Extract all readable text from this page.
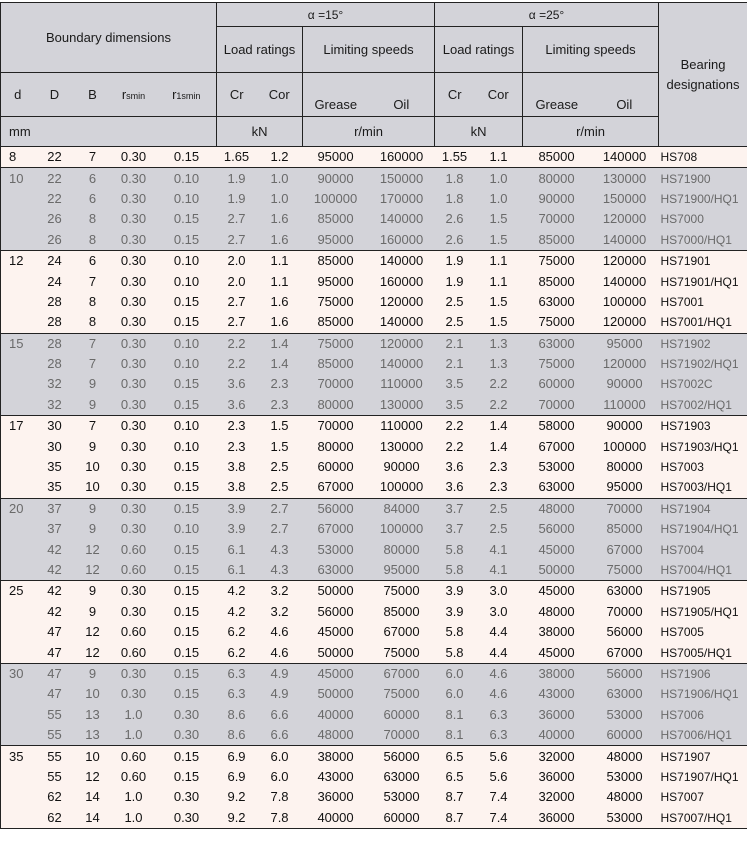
Boundary dimensions					α =15°				α =25°				Bearing designations
					Load ratings		Limiting speeds		Load ratings		Limiting speeds		
d	D	B	rsmin	r1smin	Cr	Cor	Grease	Oil	Cr	Cor	Grease	Oil	
mm					kN		r/min		kN		r/min		
8	22	7	0.30	0.15	1.65	1.2	95000	160000	1.55	1.1	85000	140000	HS708
10	22	6	0.30	0.10	1.9	1.0	90000	150000	1.8	1.0	80000	130000	HS71900
	22	6	0.30	0.10	1.9	1.0	100000	170000	1.8	1.0	90000	150000	HS71900/HQ1
	26	8	0.30	0.15	2.7	1.6	85000	140000	2.6	1.5	70000	120000	HS7000
	26	8	0.30	0.15	2.7	1.6	95000	160000	2.6	1.5	85000	140000	HS7000/HQ1
12	24	6	0.30	0.10	2.0	1.1	85000	140000	1.9	1.1	75000	120000	HS71901
	24	7	0.30	0.10	2.0	1.1	95000	160000	1.9	1.1	85000	140000	HS71901/HQ1
	28	8	0.30	0.15	2.7	1.6	75000	120000	2.5	1.5	63000	100000	HS7001
	28	8	0.30	0.15	2.7	1.6	85000	140000	2.5	1.5	75000	120000	HS7001/HQ1
15	28	7	0.30	0.10	2.2	1.4	75000	120000	2.1	1.3	63000	95000	HS71902
	28	7	0.30	0.10	2.2	1.4	85000	140000	2.1	1.3	75000	120000	HS71902/HQ1
	32	9	0.30	0.15	3.6	2.3	70000	110000	3.5	2.2	60000	90000	HS7002C
	32	9	0.30	0.15	3.6	2.3	80000	130000	3.5	2.2	70000	110000	HS7002/HQ1
17	30	7	0.30	0.10	2.3	1.5	70000	110000	2.2	1.4	58000	90000	HS71903
	30	9	0.30	0.10	2.3	1.5	80000	130000	2.2	1.4	67000	100000	HS71903/HQ1
	35	10	0.30	0.15	3.8	2.5	60000	90000	3.6	2.3	53000	80000	HS7003
	35	10	0.30	0.15	3.8	2.5	67000	100000	3.6	2.3	63000	95000	HS7003/HQ1
20	37	9	0.30	0.15	3.9	2.7	56000	84000	3.7	2.5	48000	70000	HS71904
	37	9	0.30	0.10	3.9	2.7	67000	100000	3.7	2.5	56000	85000	HS71904/HQ1
	42	12	0.60	0.15	6.1	4.3	53000	80000	5.8	4.1	45000	67000	HS7004
	42	12	0.60	0.15	6.1	4.3	63000	95000	5.8	4.1	50000	75000	HS7004/HQ1
25	42	9	0.30	0.15	4.2	3.2	50000	75000	3.9	3.0	45000	63000	HS71905
	42	9	0.30	0.15	4.2	3.2	56000	85000	3.9	3.0	48000	70000	HS71905/HQ1
	47	12	0.60	0.15	6.2	4.6	45000	67000	5.8	4.4	38000	56000	HS7005
	47	12	0.60	0.15	6.2	4.6	50000	75000	5.8	4.4	45000	67000	HS7005/HQ1
30	47	9	0.30	0.15	6.3	4.9	45000	67000	6.0	4.6	38000	56000	HS71906
	47	10	0.30	0.15	6.3	4.9	50000	75000	6.0	4.6	43000	63000	HS71906/HQ1
	55	13	1.0	0.30	8.6	6.6	40000	60000	8.1	6.3	36000	53000	HS7006
	55	13	1.0	0.30	8.6	6.6	48000	70000	8.1	6.3	40000	60000	HS7006/HQ1
35	55	10	0.60	0.15	6.9	6.0	38000	56000	6.5	5.6	32000	48000	HS71907
	55	12	0.60	0.15	6.9	6.0	43000	63000	6.5	5.6	36000	53000	HS71907/HQ1
	62	14	1.0	0.30	9.2	7.8	36000	53000	8.7	7.4	32000	48000	HS7007
	62	14	1.0	0.30	9.2	7.8	40000	60000	8.7	7.4	36000	53000	HS7007/HQ1
